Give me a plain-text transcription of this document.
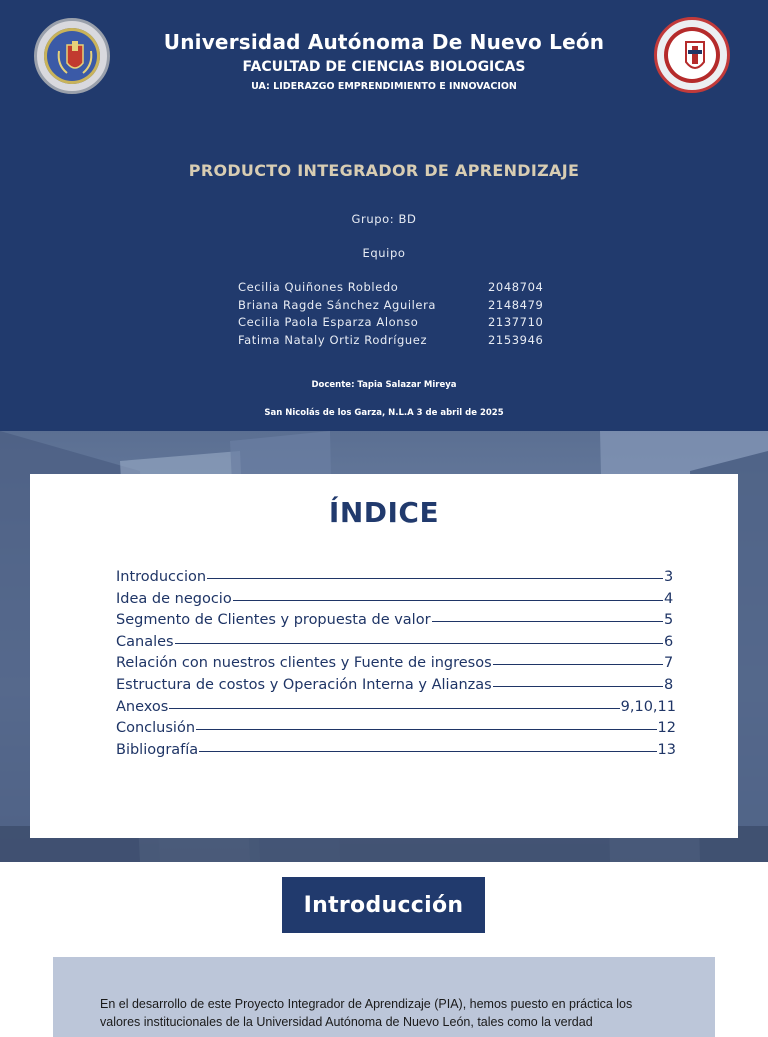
Universidad Autónoma De Nuevo León
FACULTAD DE CIENCIAS BIOLOGICAS
UA: LIDERAZGO EMPRENDIMIENTO E INNOVACION
PRODUCTO INTEGRADOR DE APRENDIZAJE
Grupo: BD
Equipo
Cecilia Quiñones Robledo	2048704
Briana Ragde Sánchez Aguilera	2148479
Cecilia Paola Esparza Alonso	2137710
Fatima Nataly Ortiz Rodríguez	2153946
Docente: Tapia Salazar Mireya
San Nicolás de los Garza, N.L.A 3 de abril de 2025
ÍNDICE
Introduccion	3
Idea de negocio	4
Segmento de Clientes y propuesta de valor	5
Canales	6
Relación con nuestros clientes y Fuente de ingresos	7
Estructura de costos y Operación Interna y Alianzas	8
Anexos	9,10,11
Conclusión	12
Bibliografía	13
Introducción
En el desarrollo de este Proyecto Integrador de Aprendizaje (PIA), hemos puesto en práctica los valores institucionales de la Universidad Autónoma de Nuevo León, tales como la verdad
